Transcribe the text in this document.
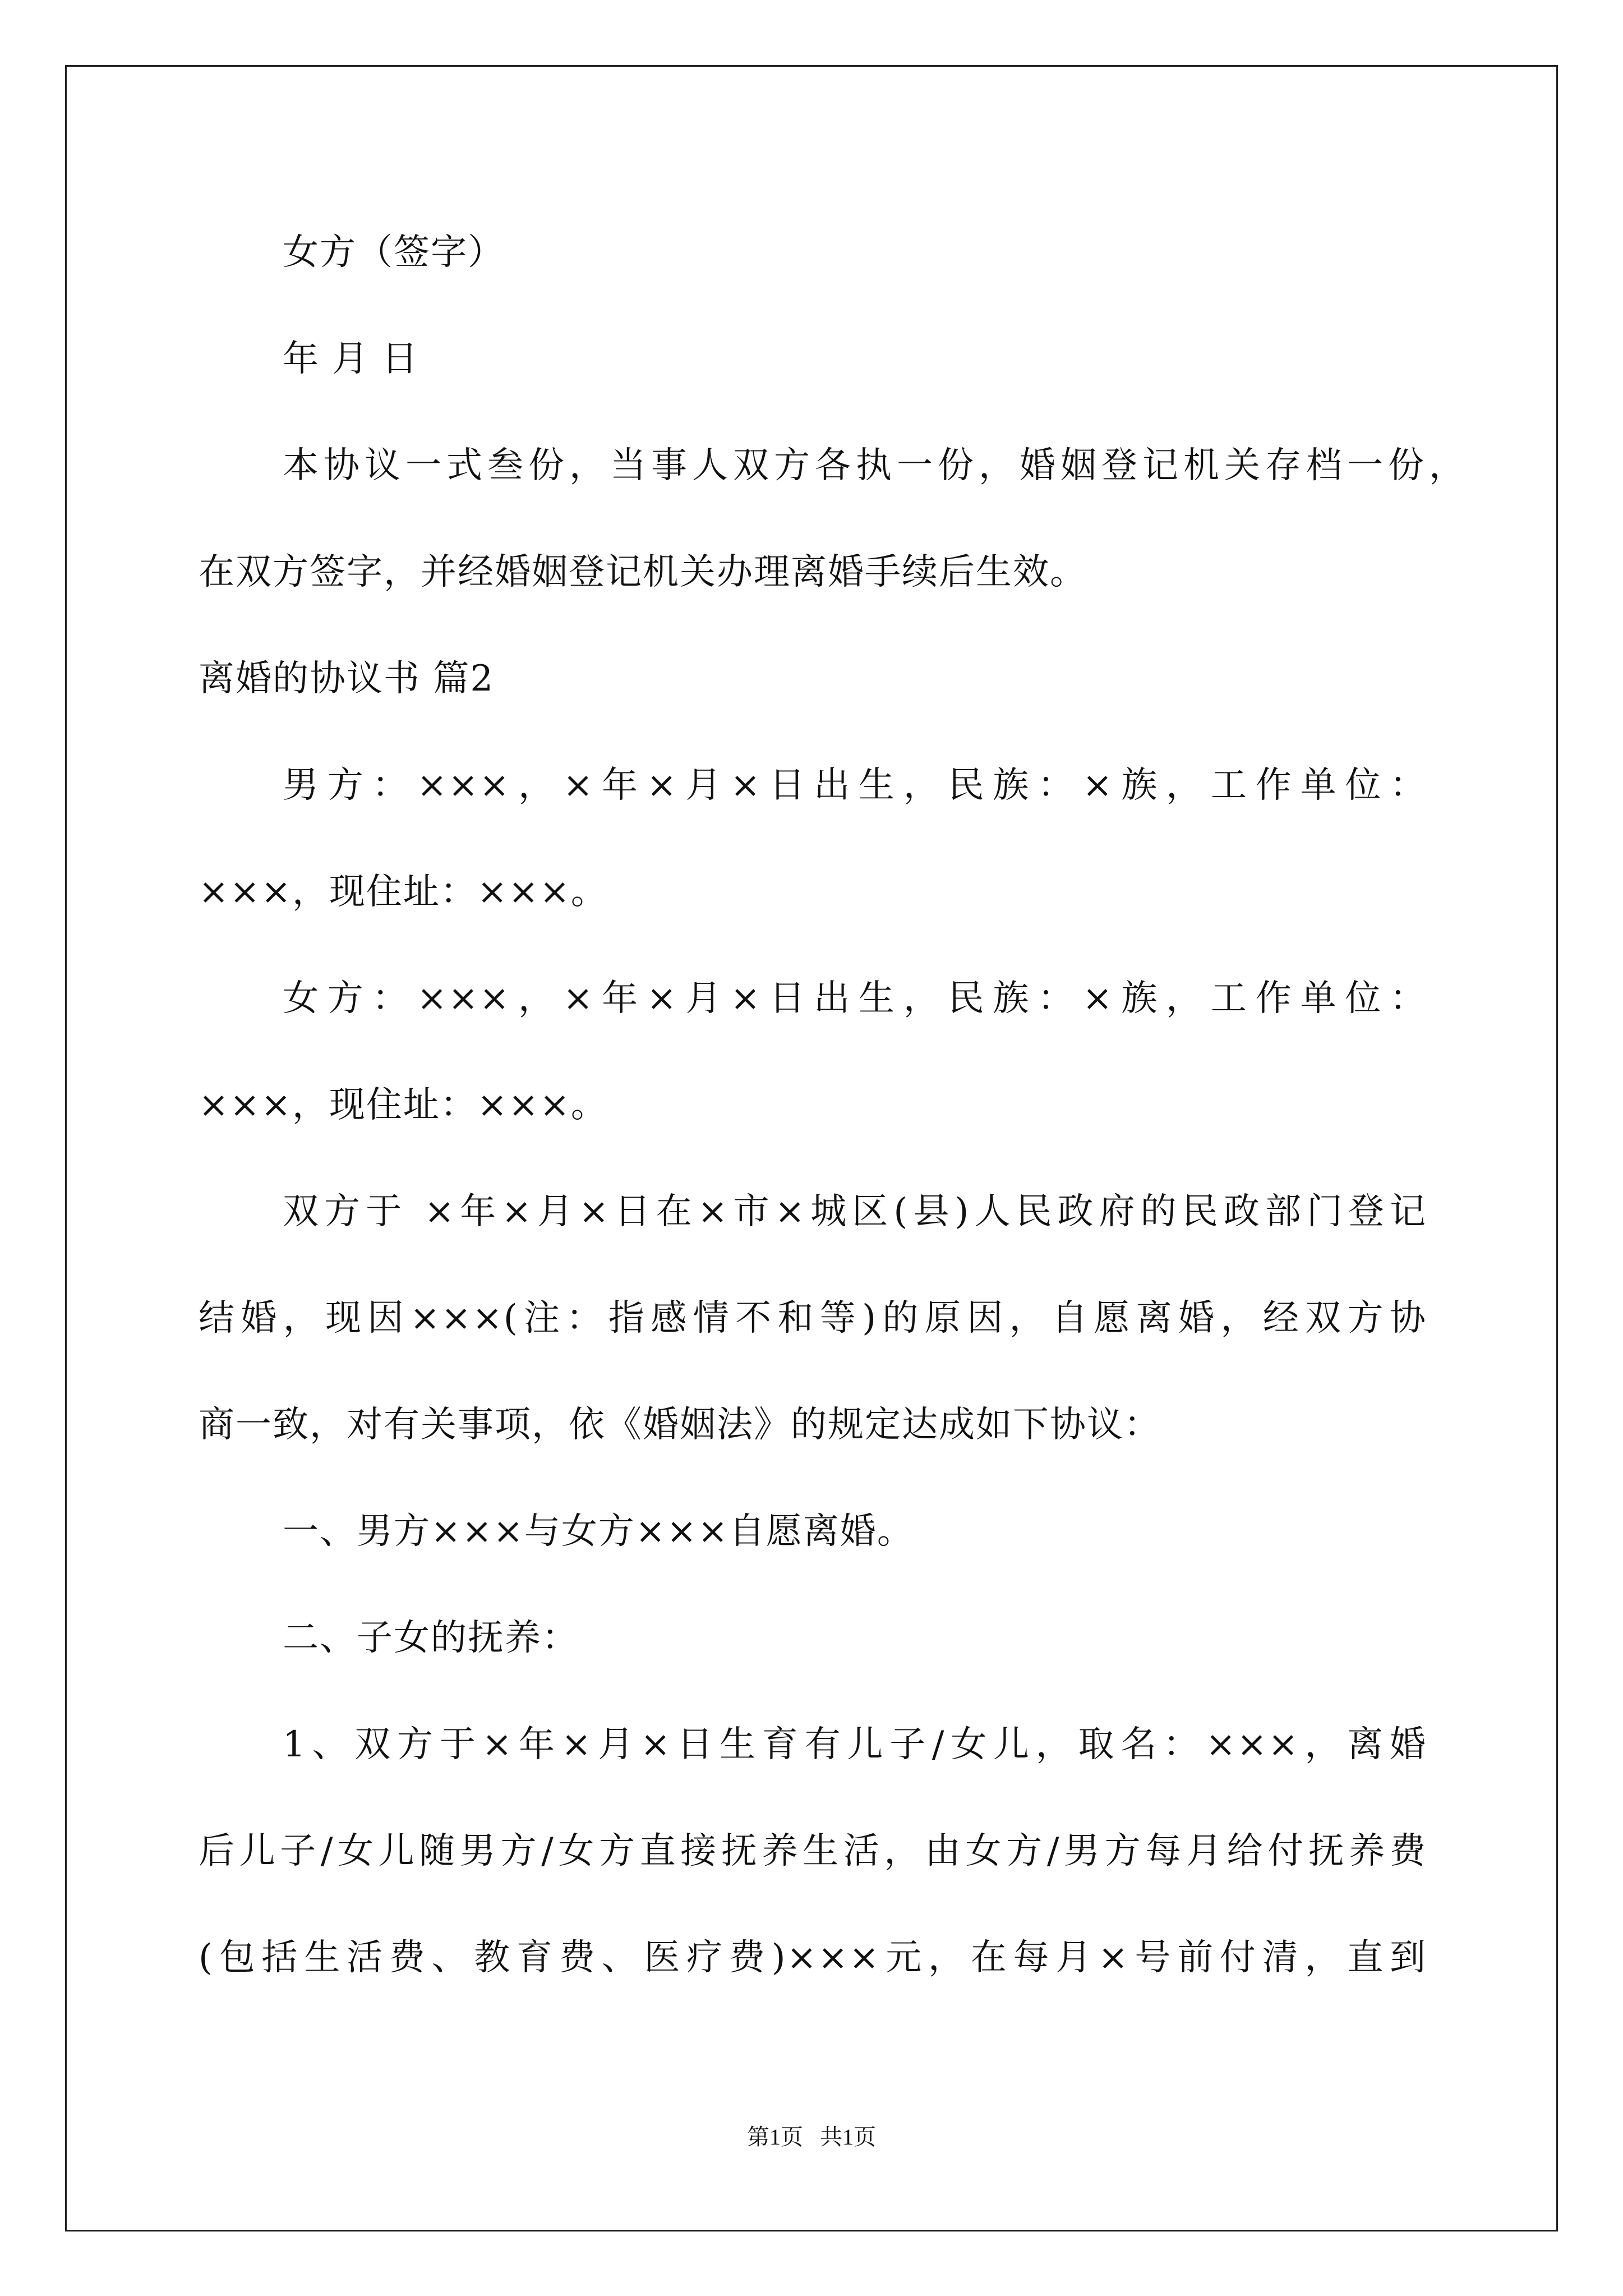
女方（签字）
年 月 日
本协议一式叁份，当事人双方各执一份，婚姻登记机关存档一份，
在双方签字，并经婚姻登记机关办理离婚手续后生效。
离婚的协议书 篇2
男方：×××，×年×月×日出生，民族：×族，工作单位：
×××，现住址：×××。
女方：×××，×年×月×日出生，民族：×族，工作单位：
×××，现住址：×××。
双方于 ×年×月×日在×市×城区(县)人民政府的民政部门登记
结婚，现因×××(注：指感情不和等)的原因，自愿离婚，经双方协
商一致，对有关事项，依《婚姻法》的规定达成如下协议：
一、男方×××与女方×××自愿离婚。
二、子女的抚养：
1、双方于×年×月×日生育有儿子/女儿，取名：×××，离婚
后儿子/女儿随男方/女方直接抚养生活，由女方/男方每月给付抚养费
(包括生活费、教育费、医疗费)×××元，在每月×号前付清，直到
第1页   共1页
